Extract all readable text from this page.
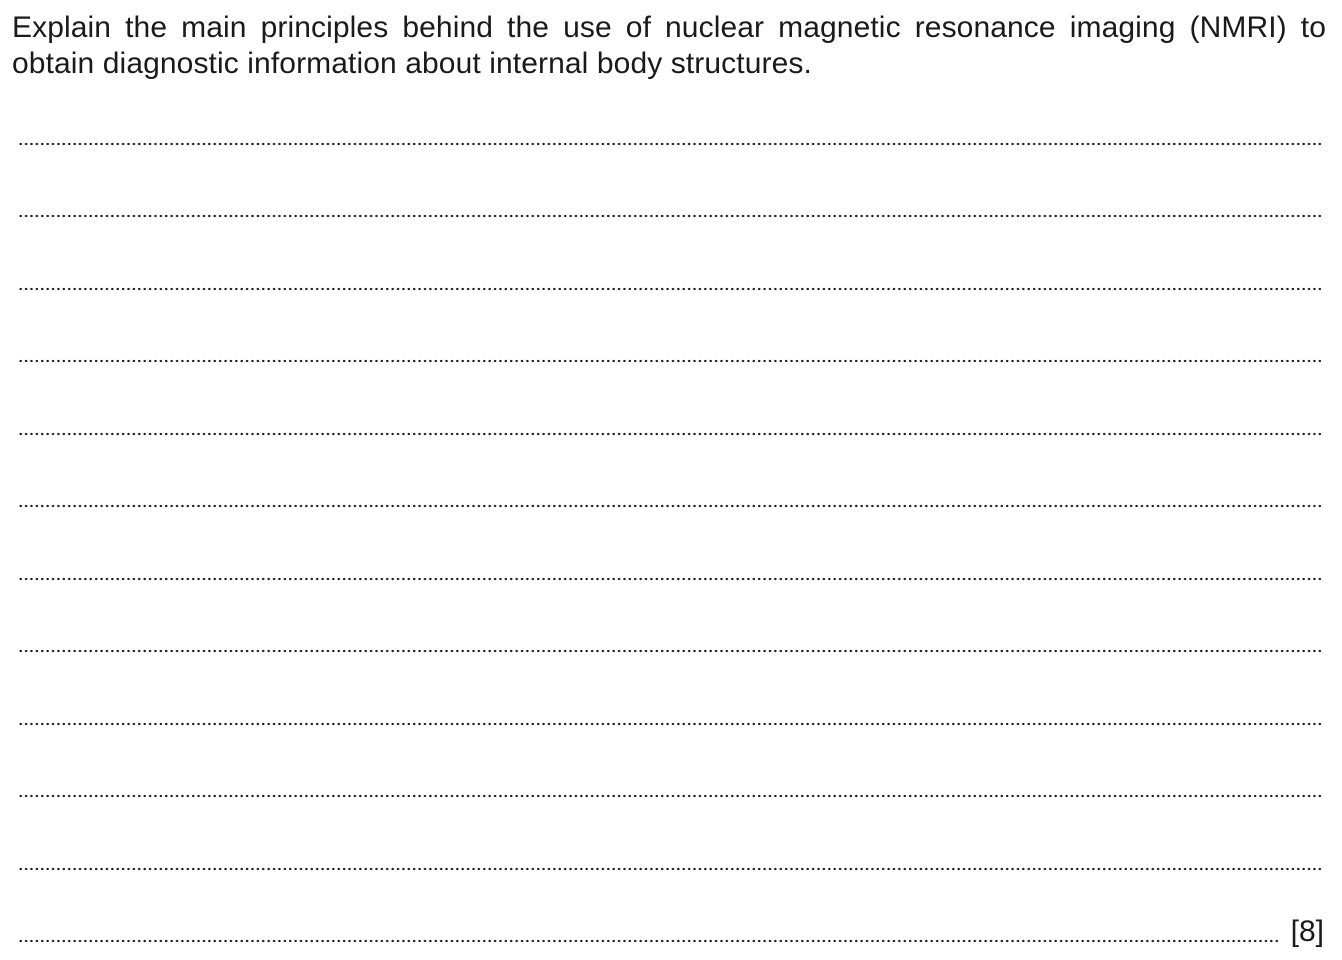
Explain the main principles behind the use of nuclear magnetic resonance imaging (NMRI) to obtain diagnostic information about internal body structures.
[8]
